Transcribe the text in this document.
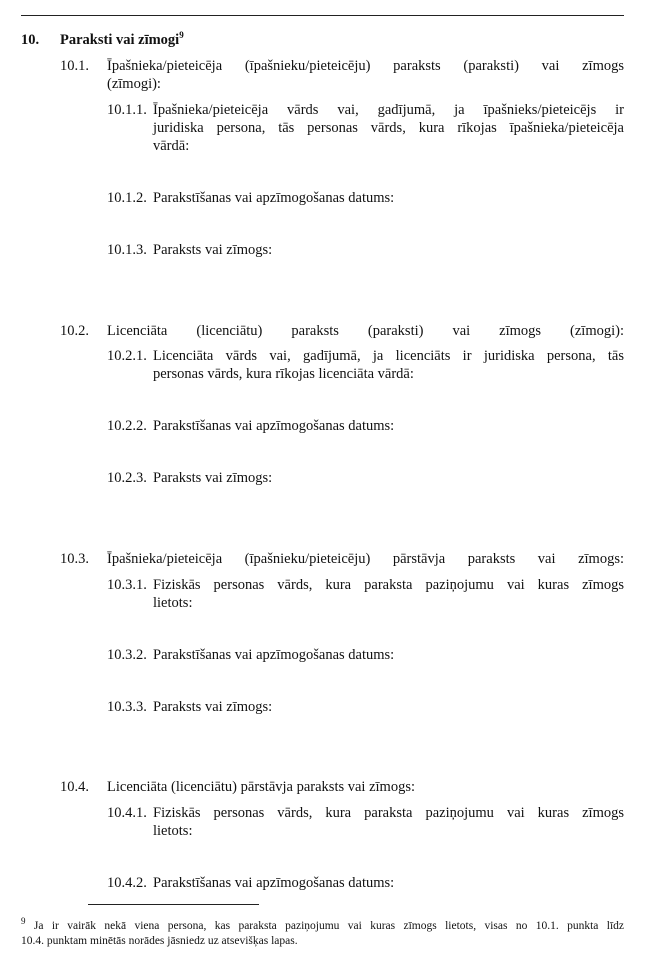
10. Paraksti vai zīmogi$^9$
10.1. Īpašnieka/pieteicēja (īpašnieku/pieteicēju) paraksts (paraksti) vai zīmogs
(zīmogi):
10.1.1. Īpašnieka/pieteicēja vārds vai, gadījumā, ja īpašnieks/pieteicējs ir
juridiska persona, tās personas vārds, kura rīkojas īpašnieka/pieteicēja
vārdā:
10.1.2. Parakstīšanas vai apzīmogošanas datums:
10.1.3. Paraksts vai zīmogs:
10.2. Licenciāta (licenciātu) paraksts (paraksti) vai zīmogs (zīmogi):
10.2.1. Licenciāta vārds vai, gadījumā, ja licenciāts ir juridiska persona, tās
personas vārds, kura rīkojas licenciāta vārdā:
10.2.2. Parakstīšanas vai apzīmogošanas datums:
10.2.3. Paraksts vai zīmogs:
10.3. Īpašnieka/pieteicēja (īpašnieku/pieteicēju) pārstāvja paraksts vai zīmogs:
10.3.1. Fiziskās personas vārds, kura paraksta paziņojumu vai kuras zīmogs
lietots:
10.3.2. Parakstīšanas vai apzīmogošanas datums:
10.3.3. Paraksts vai zīmogs:
10.4. Licenciāta (licenciātu) pārstāvja paraksts vai zīmogs:
10.4.1. Fiziskās personas vārds, kura paraksta paziņojumu vai kuras zīmogs
lietots:
10.4.2. Parakstīšanas vai apzīmogošanas datums:
$^9$ Ja ir vairāk nekā viena persona, kas paraksta paziņojumu vai kuras zīmogs lietots, visas no 10.1. punkta līdz
10.4. punktam minētās norādes jāsniedz uz atsevišķas lapas.
